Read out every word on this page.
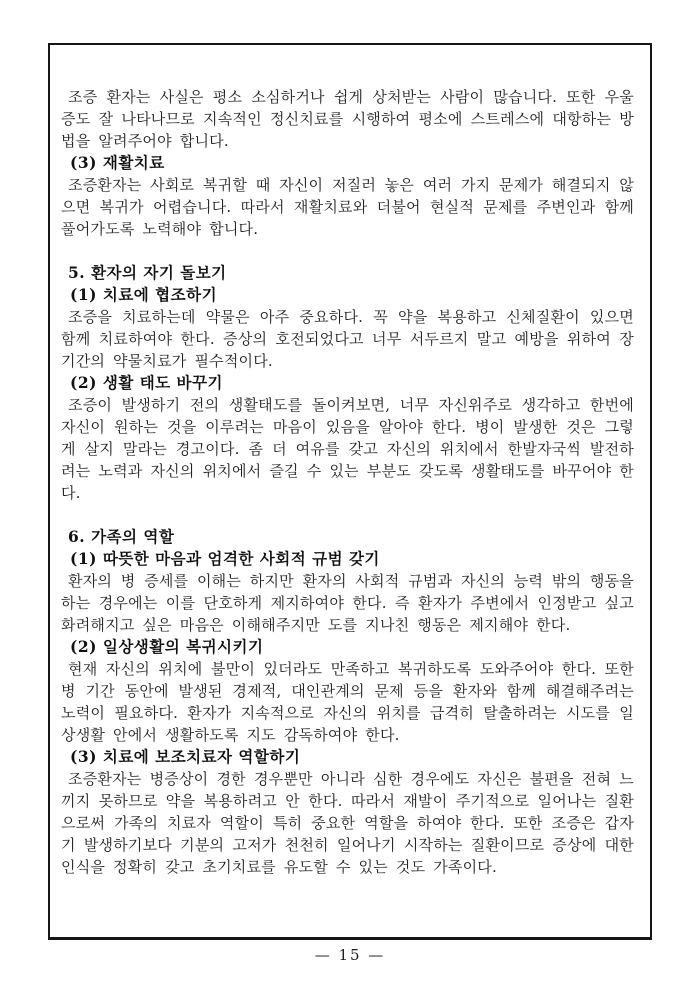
조증 환자는 사실은 평소 소심하거나 쉽게 상처받는 사람이 많습니다. 또한 우울증도 잘 나타나므로 지속적인 정신치료를 시행하여 평소에 스트레스에 대항하는 방법을 알려주어야 합니다.

(3) 재활치료

조증환자는 사회로 복귀할 때 자신이 저질러 놓은 여러 가지 문제가 해결되지 않으면 복귀가 어렵습니다. 따라서 재활치료와 더불어 현실적 문제를 주변인과 함께 풀어가도록 노력해야 합니다.

5. 환자의 자기 돌보기

(1) 치료에 협조하기

조증을 치료하는데 약물은 아주 중요하다. 꼭 약을 복용하고 신체질환이 있으면 함께 치료하여야 한다. 증상의 호전되었다고 너무 서두르지 말고 예방을 위하여 장기간의 약물치료가 필수적이다.

(2) 생활 태도 바꾸기

조증이 발생하기 전의 생활태도를 돌이켜보면, 너무 자신위주로 생각하고 한번에 자신이 원하는 것을 이루려는 마음이 있음을 알아야 한다. 병이 발생한 것은 그렇게 살지 말라는 경고이다. 좀 더 여유를 갖고 자신의 위치에서 한발자국씩 발전하려는 노력과 자신의 위치에서 즐길 수 있는 부분도 갖도록 생활태도를 바꾸어야 한다.

6. 가족의 역할

(1) 따뜻한 마음과 엄격한 사회적 규범 갖기

환자의 병 증세를 이해는 하지만 환자의 사회적 규범과 자신의 능력 밖의 행동을 하는 경우에는 이를 단호하게 제지하여야 한다. 즉 환자가 주변에서 인정받고 싶고 화려해지고 싶은 마음은 이해해주지만 도를 지나친 행동은 제지해야 한다.

(2) 일상생활의 복귀시키기

현재 자신의 위치에 불만이 있더라도 만족하고 복귀하도록 도와주어야 한다. 또한 병 기간 동안에 발생된 경제적, 대인관계의 문제 등을 환자와 함께 해결해주려는 노력이 필요하다. 환자가 지속적으로 자신의 위치를 급격히 탈출하려는 시도를 일상생활 안에서 생활하도록 지도 감독하여야 한다.

(3) 치료에 보조치료자 역할하기

조증환자는 병증상이 경한 경우뿐만 아니라 심한 경우에도 자신은 불편을 전혀 느끼지 못하므로 약을 복용하려고 안 한다. 따라서 재발이 주기적으로 일어나는 질환으로써 가족의 치료자 역할이 특히 중요한 역할을 하여야 한다. 또한 조증은 갑자기 발생하기보다 기분의 고저가 천천히 일어나기 시작하는 질환이므로 증상에 대한 인식을 정확히 갖고 초기치료를 유도할 수 있는 것도 가족이다.

— 15 —
